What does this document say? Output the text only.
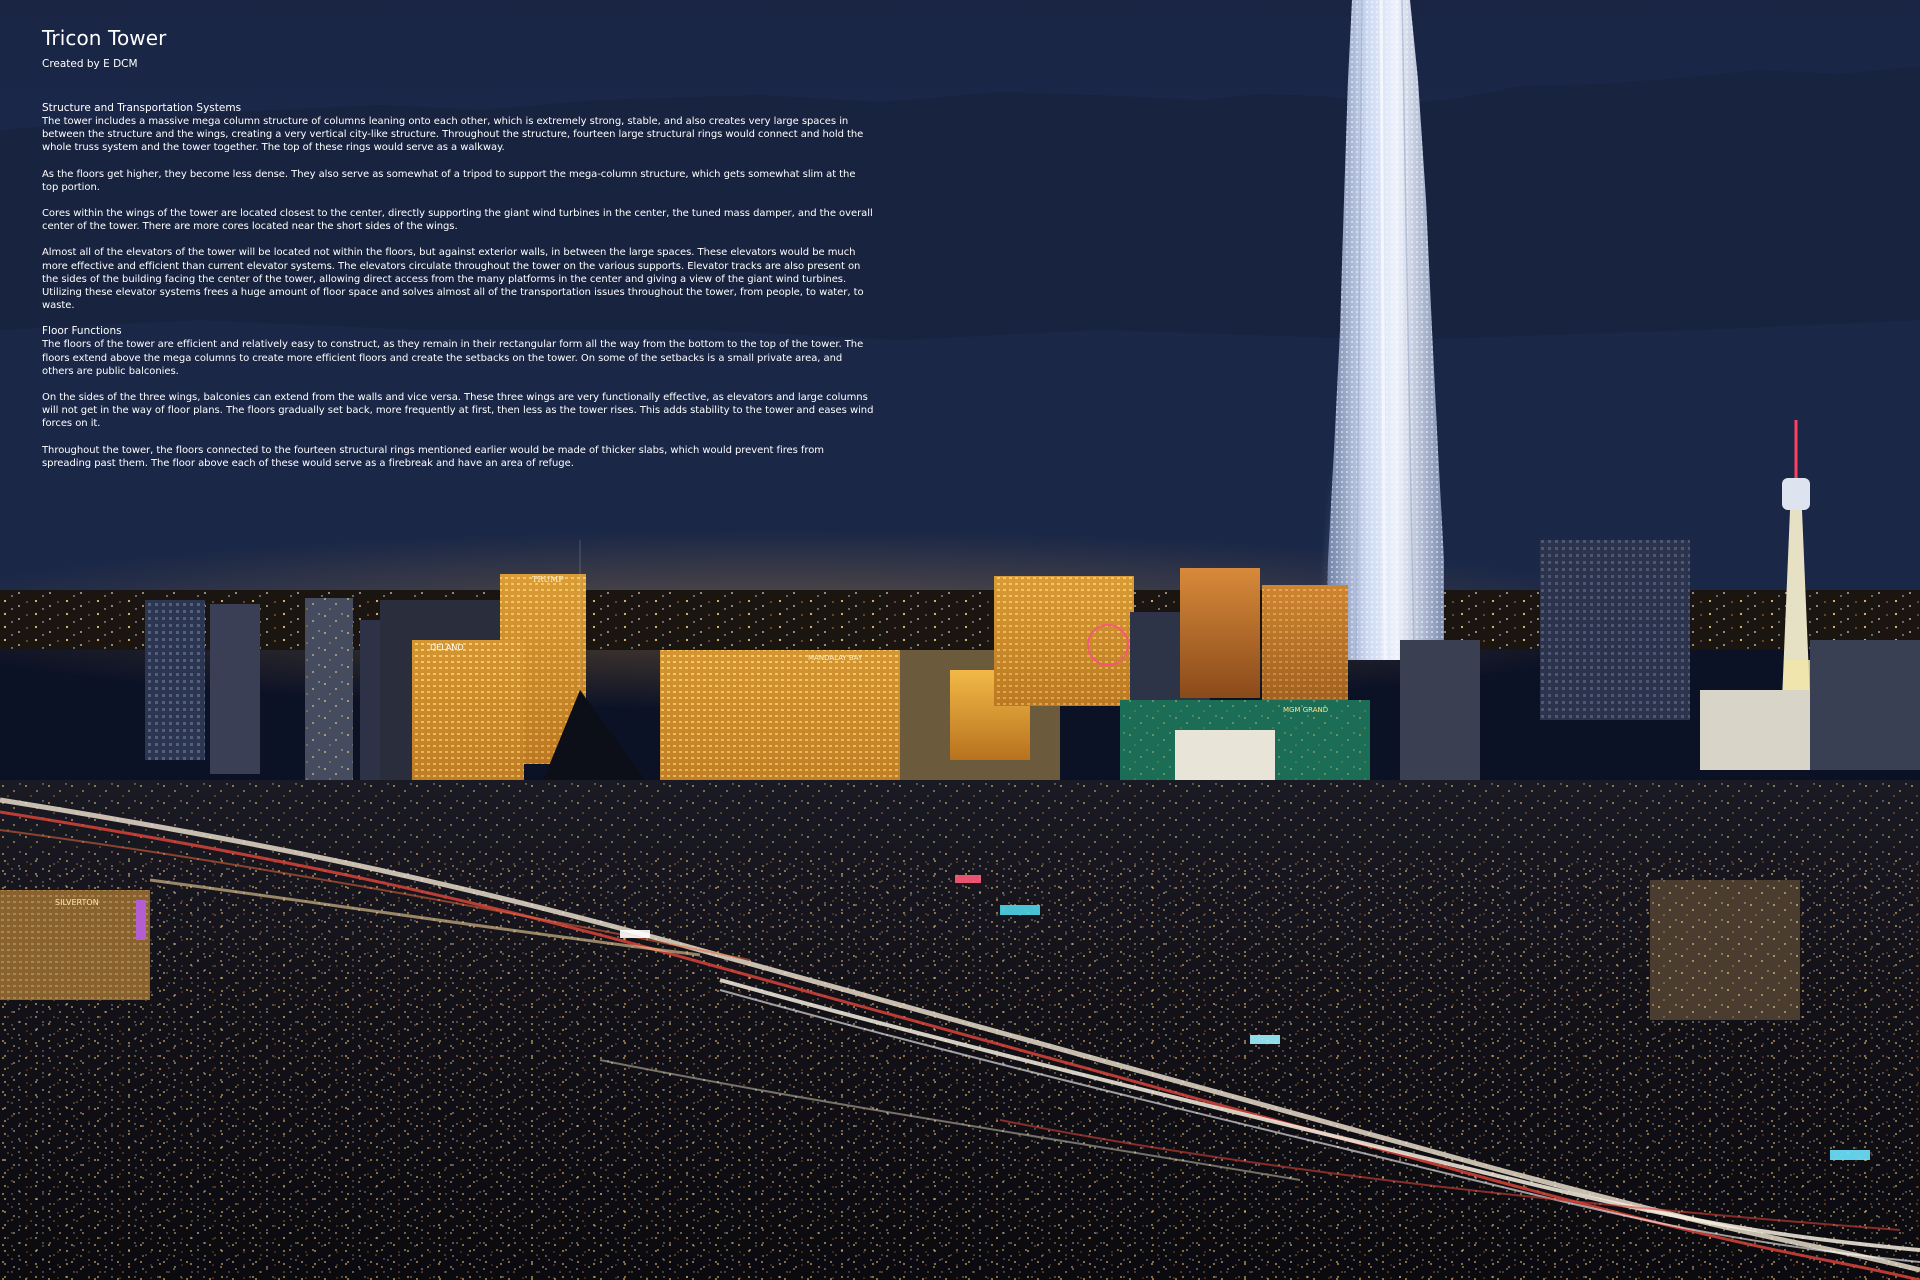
TRUMP
DELANO
MANDALAY BAY
MGM GRAND
SILVERTON
Tricon Tower
Created by E DCM
Structure and Transportation Systems

The tower includes a massive mega column structure of columns leaning onto each other, which is extremely strong, stable, and also creates very large spaces in between the structure and the wings, creating a very vertical city-like structure. Throughout the structure, fourteen large structural rings would connect and hold the whole truss system and the tower together. The top of these rings would serve as a walkway.

As the floors get higher, they become less dense. They also serve as somewhat of a tripod to support the mega-column structure, which gets somewhat slim at the top portion.

Cores within the wings of the tower are located closest to the center, directly supporting the giant wind turbines in the center, the tuned mass damper, and the overall center of the tower. There are more cores located near the short sides of the wings.

Almost all of the elevators of the tower will be located not within the floors, but against exterior walls, in between the large spaces. These elevators would be much more effective and efficient than current elevator systems. The elevators circulate throughout the tower on the various supports. Elevator tracks are also present on the sides of the building facing the center of the tower, allowing direct access from the many platforms in the center and giving a view of the giant wind turbines. Utilizing these elevator systems frees a huge amount of floor space and solves almost all of the transportation issues throughout the tower, from people, to water, to waste.

Floor Functions

The floors of the tower are efficient and relatively easy to construct, as they remain in their rectangular form all the way from the bottom to the top of the tower. The floors extend above the mega columns to create more efficient floors and create the setbacks on the tower. On some of the setbacks is a small private area, and others are public balconies.

On the sides of the three wings, balconies can extend from the walls and vice versa. These three wings are very functionally effective, as elevators and large columns will not get in the way of floor plans. The floors gradually set back, more frequently at first, then less as the tower rises. This adds stability to the tower and eases wind forces on it.

Throughout the tower, the floors connected to the fourteen structural rings mentioned earlier would be made of thicker slabs, which would prevent fires from spreading past them. The floor above each of these would serve as a firebreak and have an area of refuge.
